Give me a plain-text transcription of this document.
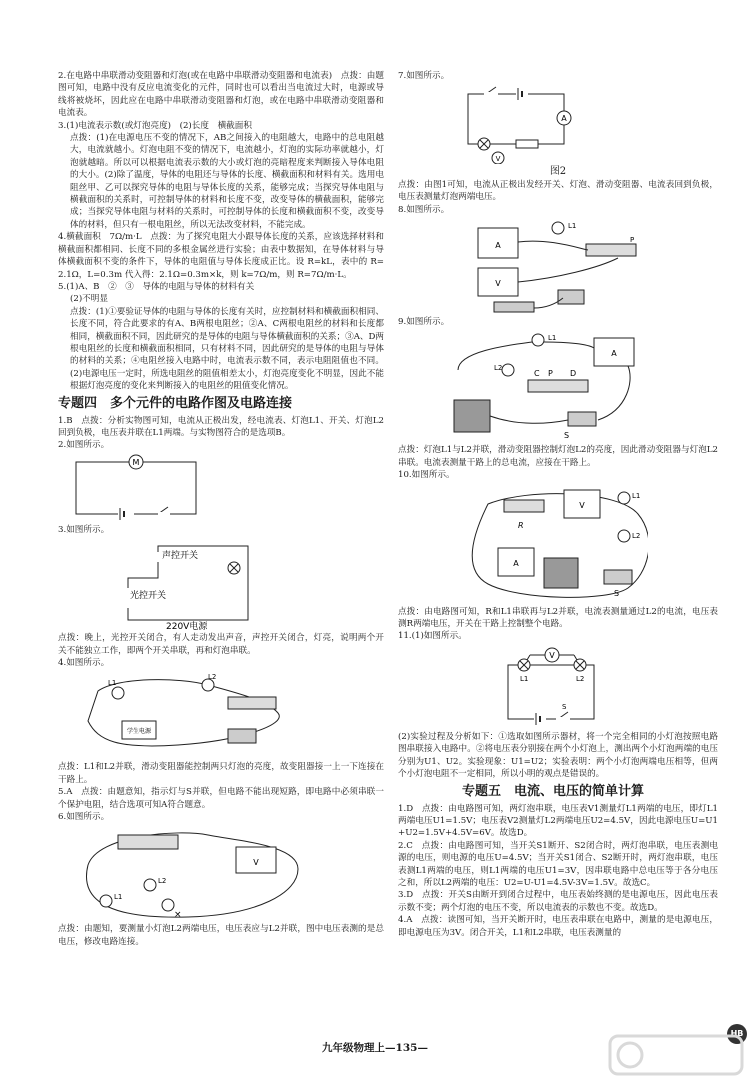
2.在电路中串联滑动变阻器和灯泡(或在电路中串联滑动变阻器和电流表)　点拨：由题图可知，电路中没有反应电流变化的元件，同时也可以看出当电流过大时，电源或导线将被烧坏，因此应在电路中串联滑动变阻器和灯泡，或在电路中串联滑动变阻器和电流表。

3.(1)电流表示数(或灯泡亮度)　(2)长度　横截面积

点拨：(1)在电源电压不变的情况下，AB之间接入的电阻越大，电路中的总电阻越大，电流就越小。灯泡电阻不变的情况下，电流越小，灯泡的实际功率就越小，灯泡就越暗。所以可以根据电流表示数的大小或灯泡的亮暗程度来判断接入导体电阻的大小。(2)除了温度，导体的电阻还与导体的长度、横截面积和材料有关。选用电阻丝甲、乙可以探究导体的电阻与导体长度的关系，能够完成；当探究导体电阻与横截面积的关系时，可控制导体的材料和长度不变，改变导体的横截面积，能够完成；当探究导体电阻与材料的关系时，可控制导体的长度和横截面积不变，改变导体的材料，但只有一根电阻丝，所以无法改变材料，不能完成。

4.横截面积　7Ω/m·L　点拨：为了探究电阻大小跟导体长度的关系，应该选择材料和横截面积都相同、长度不同的多根金属丝进行实验；由表中数据知，在导体材料与导体横截面积不变的条件下，导体的电阻值与导体长度成正比。设 R=kL，表中的 R=2.1Ω，L=0.3m 代入得：2.1Ω=0.3m×k，则 k=7Ω/m，则 R=7Ω/m·L。

5.(1)A、B　②　③　导体的电阻与导体的材料有关

(2)不明显

点拨：(1)①要验证导体的电阻与导体的长度有关时，应控制材料和横截面积相同、长度不同，符合此要求的有A、B两根电阻丝；②A、C两根电阻丝的材料和长度都相同，横截面积不同，因此研究的是导体的电阻与导体横截面积的关系；③A、D两根电阻丝的长度和横截面积相同，只有材料不同，因此研究的是导体的电阻与导体的材料的关系；④电阻丝接入电路中时，电流表示数不同，表示电阻阻值也不同。(2)电源电压一定时，所选电阻丝的阻值相差太小，灯泡亮度变化不明显，因此不能根据灯泡亮度的变化来判断接入的电阻丝的阻值变化情况。

专题四　多个元件的电路作图及电路连接

1.B　点拨：分析实物图可知，电流从正极出发，经电流表、灯泡L1、开关、灯泡L2回到负极，电压表并联在L1两端。与实物图符合的是选项B。

2.如图所示。

M

3.如图所示。

声控开关
光控开关
220V电源

点拨：晚上，光控开关闭合，有人走动发出声音，声控开关闭合，灯亮，说明两个开关不能独立工作，即两个开关串联，再和灯泡串联。

4.如图所示。

L1
L2
学生电源

点拨：L1和L2并联，滑动变阻器能控制两只灯泡的亮度，故变阻器接一上一下连接在干路上。

5.A　点拨：由题意知，指示灯与S并联，但电路不能出现短路，即电路中必须串联一个保护电阻，结合选项可知A符合题意。

6.如图所示。

V
L2
L1
×

点拨：由题知，要测量小灯泡L2两端电压，电压表应与L2并联，图中电压表测的是总电压，修改电路连接。

7.如图所示。

A
V

图2

点拨：由图1可知，电流从正极出发经开关、灯泡、滑动变阻器、电流表回到负极，电压表测量灯泡两端电压。

8.如图所示。

A
L1
P
V

9.如图所示。

L1
A
L2
C P D
S

点拨：灯泡L1与L2并联，滑动变阻器控制灯泡L2的亮度，因此滑动变阻器与灯泡L2串联。电流表测量干路上的总电流，应接在干路上。

10.如图所示。

R
V
L1
L2
A
S

点拨：由电路图可知，R和L1串联再与L2并联，电流表测量通过L2的电流，电压表测R两端电压，开关在干路上控制整个电路。

11.(1)如图所示。

V
L1	L2
S

(2)实验过程及分析如下：①选取如图所示器材，将一个完全相同的小灯泡按照电路图串联接入电路中。②将电压表分别接在两个小灯泡上，测出两个小灯泡两端的电压分别为U1、U2。实验现象：U1=U2；实验表明：两个小灯泡两端电压相等，但两个小灯泡电阻不一定相同，所以小明的观点是错误的。

专题五　电流、电压的简单计算

1.D　点拨：由电路图可知，两灯泡串联，电压表V1测量灯L1两端的电压，即灯L1两端电压U1=1.5V；电压表V2测量灯L2两端电压U2=4.5V，因此电源电压U=U1+U2=1.5V+4.5V=6V。故选D。

2.C　点拨：由电路图可知，当开关S1断开、S2闭合时，两灯泡串联，电压表测电源的电压，则电源的电压U=4.5V；当开关S1闭合、S2断开时，两灯泡串联，电压表测L1两端的电压，则L1两端的电压U1=3V，因串联电路中总电压等于各分电压之和，所以L2两端的电压：U2=U-U1=4.5V-3V=1.5V。故选C。

3.D　点拨：开关S由断开到闭合过程中，电压表始终测的是电源电压，因此电压表示数不变；两个灯泡的电压不变，所以电流表的示数也不变。故选D。

4.A　点拨：读图可知，当开关断开时，电压表串联在电路中，测量的是电源电压，即电源电压为3V。闭合开关，L1和L2串联，电压表测量的

九年级物理上—135—
HB
